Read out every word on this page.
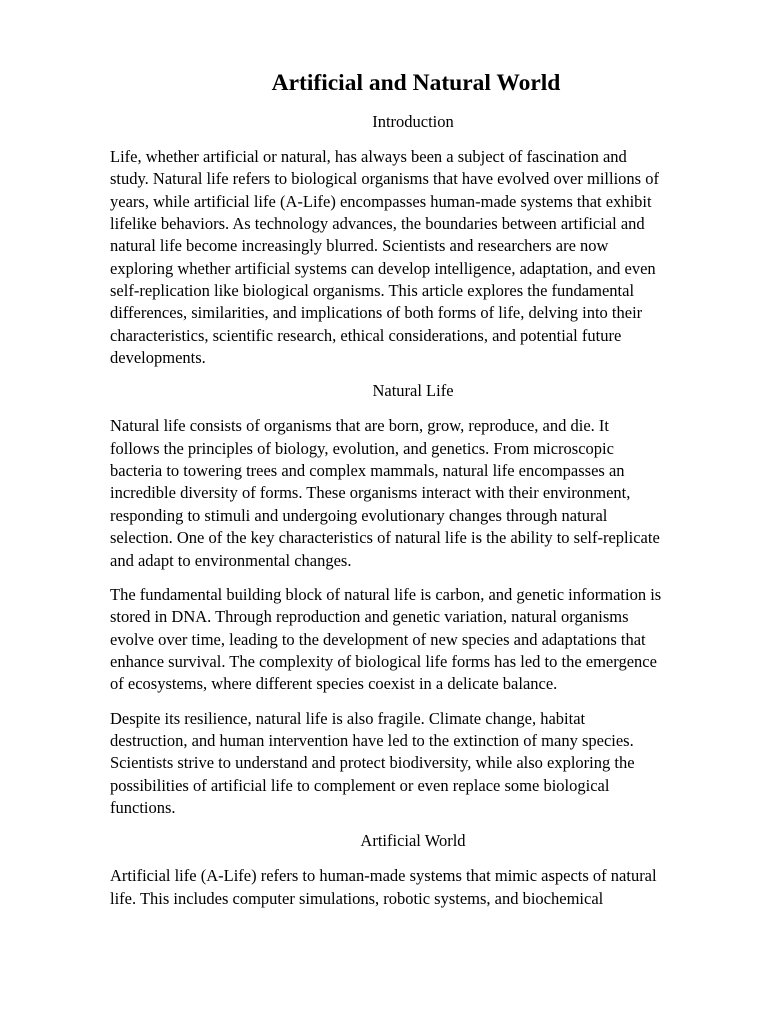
Artificial and Natural World
Introduction

Life, whether artificial or natural, has always been a subject of fascination and
study. Natural life refers to biological organisms that have evolved over millions of
years, while artificial life (A-Life) encompasses human-made systems that exhibit
lifelike behaviors. As technology advances, the boundaries between artificial and
natural life become increasingly blurred. Scientists and researchers are now
exploring whether artificial systems can develop intelligence, adaptation, and even
self-replication like biological organisms. This article explores the fundamental
differences, similarities, and implications of both forms of life, delving into their
characteristics, scientific research, ethical considerations, and potential future
developments.

Natural Life

Natural life consists of organisms that are born, grow, reproduce, and die. It
follows the principles of biology, evolution, and genetics. From microscopic
bacteria to towering trees and complex mammals, natural life encompasses an
incredible diversity of forms. These organisms interact with their environment,
responding to stimuli and undergoing evolutionary changes through natural
selection. One of the key characteristics of natural life is the ability to self-replicate
and adapt to environmental changes.

The fundamental building block of natural life is carbon, and genetic information is
stored in DNA. Through reproduction and genetic variation, natural organisms
evolve over time, leading to the development of new species and adaptations that
enhance survival. The complexity of biological life forms has led to the emergence
of ecosystems, where different species coexist in a delicate balance.

Despite its resilience, natural life is also fragile. Climate change, habitat
destruction, and human intervention have led to the extinction of many species.
Scientists strive to understand and protect biodiversity, while also exploring the
possibilities of artificial life to complement or even replace some biological
functions.

Artificial World

Artificial life (A-Life) refers to human-made systems that mimic aspects of natural
life. This includes computer simulations, robotic systems, and biochemical
